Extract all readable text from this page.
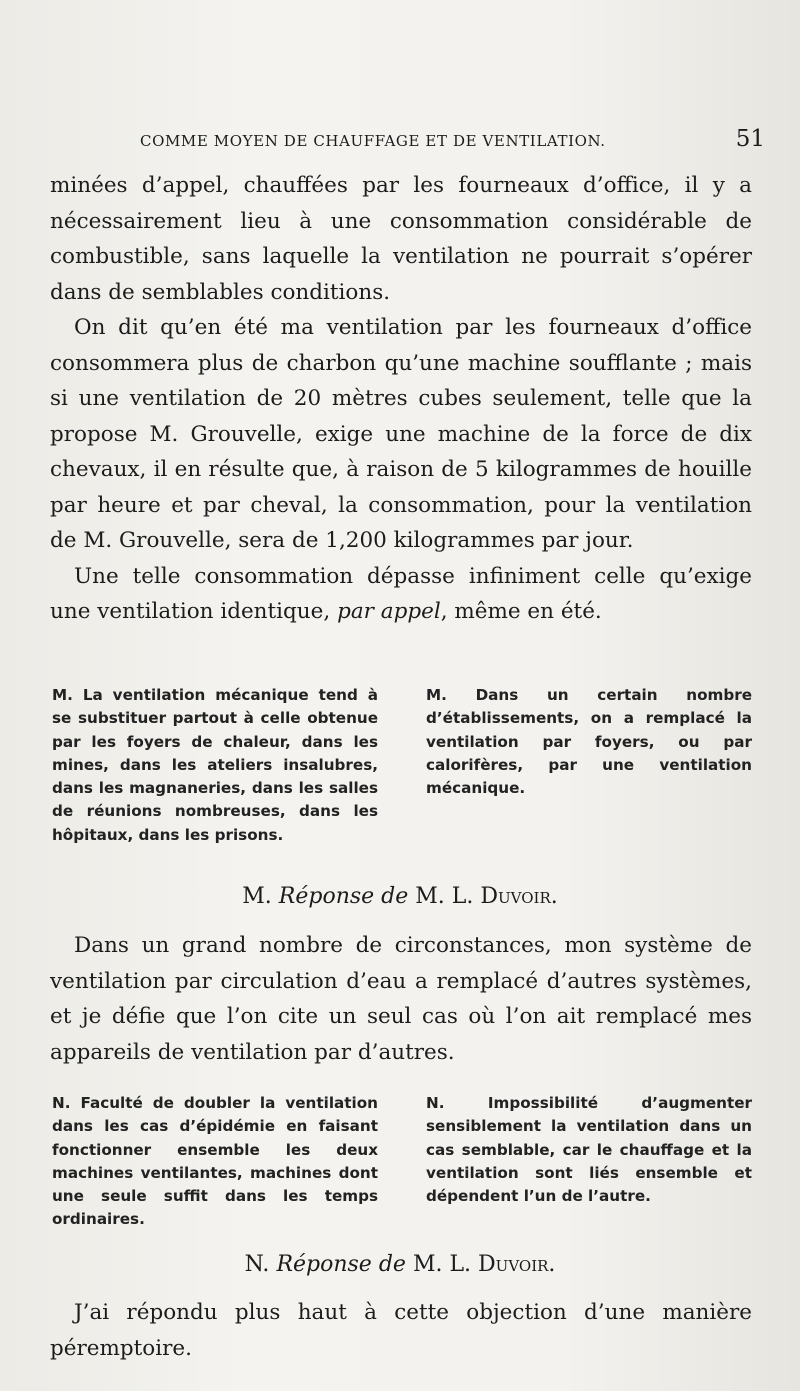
COMME MOYEN DE CHAUFFAGE ET DE VENTILATION.	51

minées d’appel, chauffées par les fourneaux d’office, il y a nécessairement lieu à une consommation considérable de combustible, sans laquelle la ventilation ne pourrait s’opérer dans de semblables conditions.

On dit qu’en été ma ventilation par les fourneaux d’office consommera plus de charbon qu’une machine soufflante ; mais si une ventilation de 20 mètres cubes seulement, telle que la propose M. Grouvelle, exige une machine de la force de dix chevaux, il en résulte que, à raison de 5 kilogrammes de houille par heure et par cheval, la consommation, pour la ventilation de M. Grouvelle, sera de 1,200 kilogrammes par jour.

Une telle consommation dépasse infiniment celle qu’exige une ventilation identique, par appel, même en été.

M. La ventilation mécanique tend à se substituer partout à celle obtenue par les foyers de chaleur, dans les mines, dans les ateliers insalubres, dans les magnaneries, dans les salles de réunions nombreuses, dans les hôpitaux, dans les prisons.
M. Dans un certain nombre d’établissements, on a remplacé la ventilation par foyers, ou par calorifères, par une ventilation mécanique.
M. Réponse de M. L. Duvoir.

Dans un grand nombre de circonstances, mon système de ventilation par circulation d’eau a remplacé d’autres systèmes, et je défie que l’on cite un seul cas où l’on ait remplacé mes appareils de ventilation par d’autres.

N. Faculté de doubler la ventilation dans les cas d’épidémie en faisant fonctionner ensemble les deux machines ventilantes, machines dont une seule suffit dans les temps ordinaires.
N. Impossibilité d’augmenter sensiblement la ventilation dans un cas semblable, car le chauffage et la ventilation sont liés ensemble et dépendent l’un de l’autre.
N. Réponse de M. L. Duvoir.

J’ai répondu plus haut à cette objection d’une manière péremptoire.
